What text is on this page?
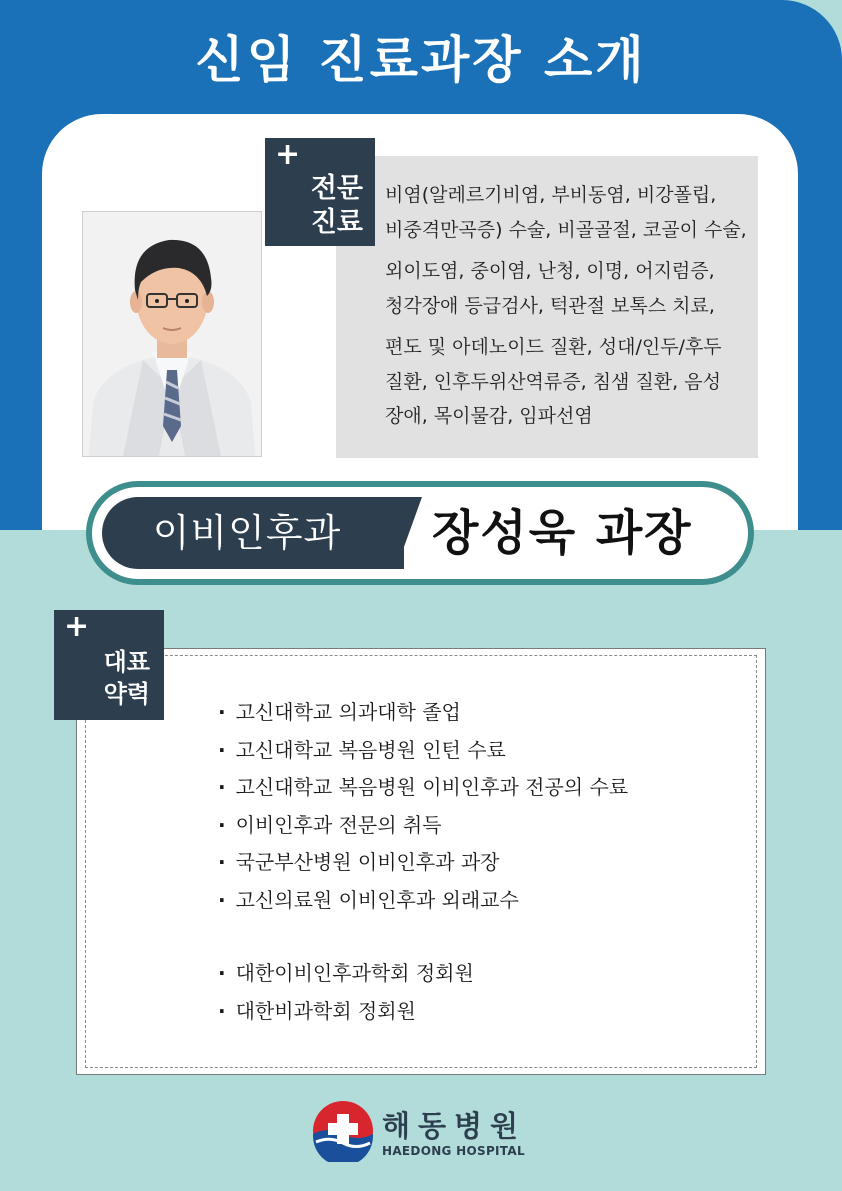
신임 진료과장 소개
+
전문
진료

비염(알레르기비염, 부비동염, 비강폴립,
비중격만곡증) 수술, 비골골절, 코골이 수술,

외이도염, 중이염, 난청, 이명, 어지럼증,
청각장애 등급검사, 턱관절 보톡스 치료,

편도 및 아데노이드 질환, 성대/인두/후두
질환, 인후두위산역류증, 침샘 질환, 음성
장애, 목이물감, 임파선염

이비인후과	장성욱 과장
+
대표
약력
· 고신대학교 의과대학 졸업
· 고신대학교 복음병원 인턴 수료
· 고신대학교 복음병원 이비인후과 전공의 수료
· 이비인후과 전문의 취득
· 국군부산병원 이비인후과 과장
· 고신의료원 이비인후과 외래교수
· 대한이비인후과학회 정회원
· 대한비과학회 정회원
해동병원
HAEDONG HOSPITAL
